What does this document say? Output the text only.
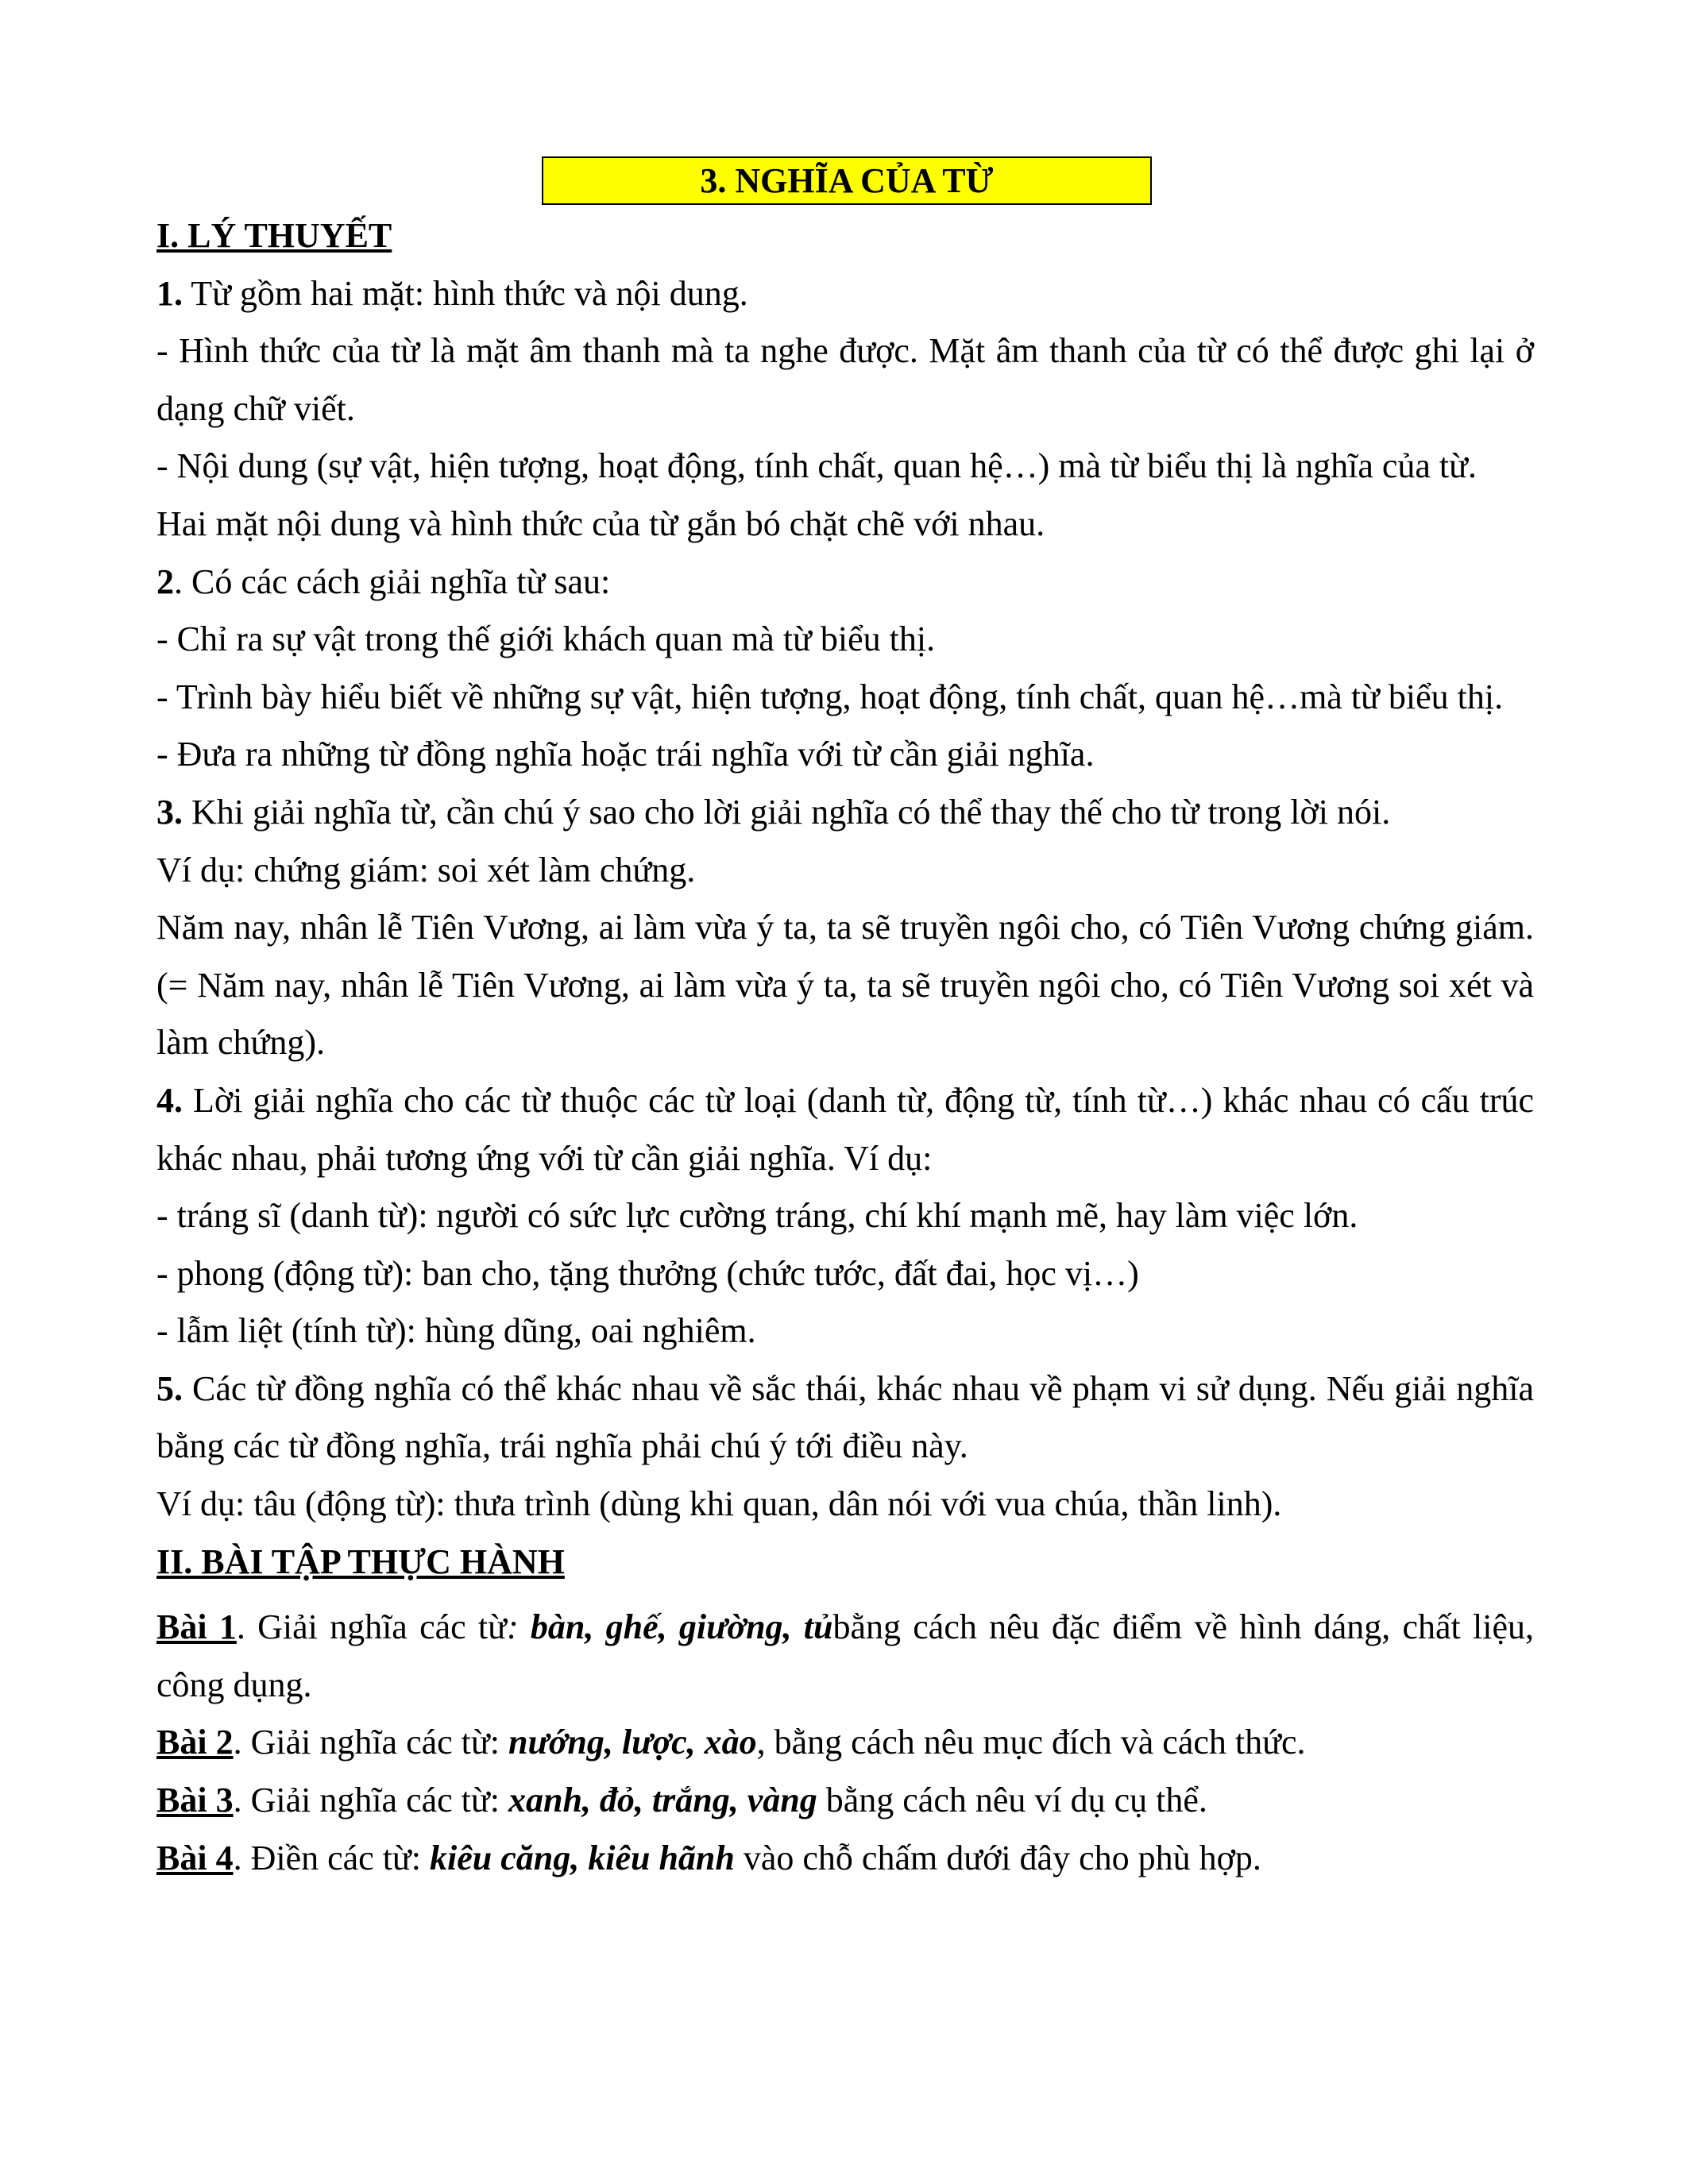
3. NGHĨA CỦA TỪ
I. LÝ THUYẾT

1. Từ gồm hai mặt: hình thức và nội dung.

- Hình thức của từ là mặt âm thanh mà ta nghe được. Mặt âm thanh của từ có thể được ghi lại ở dạng chữ viết.

- Nội dung (sự vật, hiện tượng, hoạt động, tính chất, quan hệ…) mà từ biểu thị là nghĩa của từ.

Hai mặt nội dung và hình thức của từ gắn bó chặt chẽ với nhau.

2. Có các cách giải nghĩa từ sau:

- Chỉ ra sự vật trong thế giới khách quan mà từ biểu thị.

- Trình bày hiểu biết về những sự vật, hiện tượng, hoạt động, tính chất, quan hệ…mà từ biểu thị.

- Đưa ra những từ đồng nghĩa hoặc trái nghĩa với từ cần giải nghĩa.

3. Khi giải nghĩa từ, cần chú ý sao cho lời giải nghĩa có thể thay thế cho từ trong lời nói.

Ví dụ: chứng giám: soi xét làm chứng.

Năm nay, nhân lễ Tiên Vương, ai làm vừa ý ta, ta sẽ truyền ngôi cho, có Tiên Vương chứng giám. (= Năm nay, nhân lễ Tiên Vương, ai làm vừa ý ta, ta sẽ truyền ngôi cho, có Tiên Vương soi xét và làm chứng).

4. Lời giải nghĩa cho các từ thuộc các từ loại (danh từ, động từ, tính từ…) khác nhau có cấu trúc khác nhau, phải tương ứng với từ cần giải nghĩa. Ví dụ:

- tráng sĩ (danh từ): người có sức lực cường tráng, chí khí mạnh mẽ, hay làm việc lớn.

- phong (động từ): ban cho, tặng thưởng (chức tước, đất đai, học vị…)

- lẫm liệt (tính từ): hùng dũng, oai nghiêm.

5. Các từ đồng nghĩa có thể khác nhau về sắc thái, khác nhau về phạm vi sử dụng. Nếu giải nghĩa bằng các từ đồng nghĩa, trái nghĩa phải chú ý tới điều này.

Ví dụ: tâu (động từ): thưa trình (dùng khi quan, dân nói với vua chúa, thần linh).

II. BÀI TẬP THỰC HÀNH

Bài 1. Giải nghĩa các từ: bàn, ghế, giường, tủbằng cách nêu đặc điểm về hình dáng, chất liệu, công dụng.

Bài 2. Giải nghĩa các từ: nướng, lược, xào, bằng cách nêu mục đích và cách thức.

Bài 3. Giải nghĩa các từ: xanh, đỏ, trắng, vàng bằng cách nêu ví dụ cụ thể.

Bài 4. Điền các từ: kiêu căng, kiêu hãnh vào chỗ chấm dưới đây cho phù hợp.
